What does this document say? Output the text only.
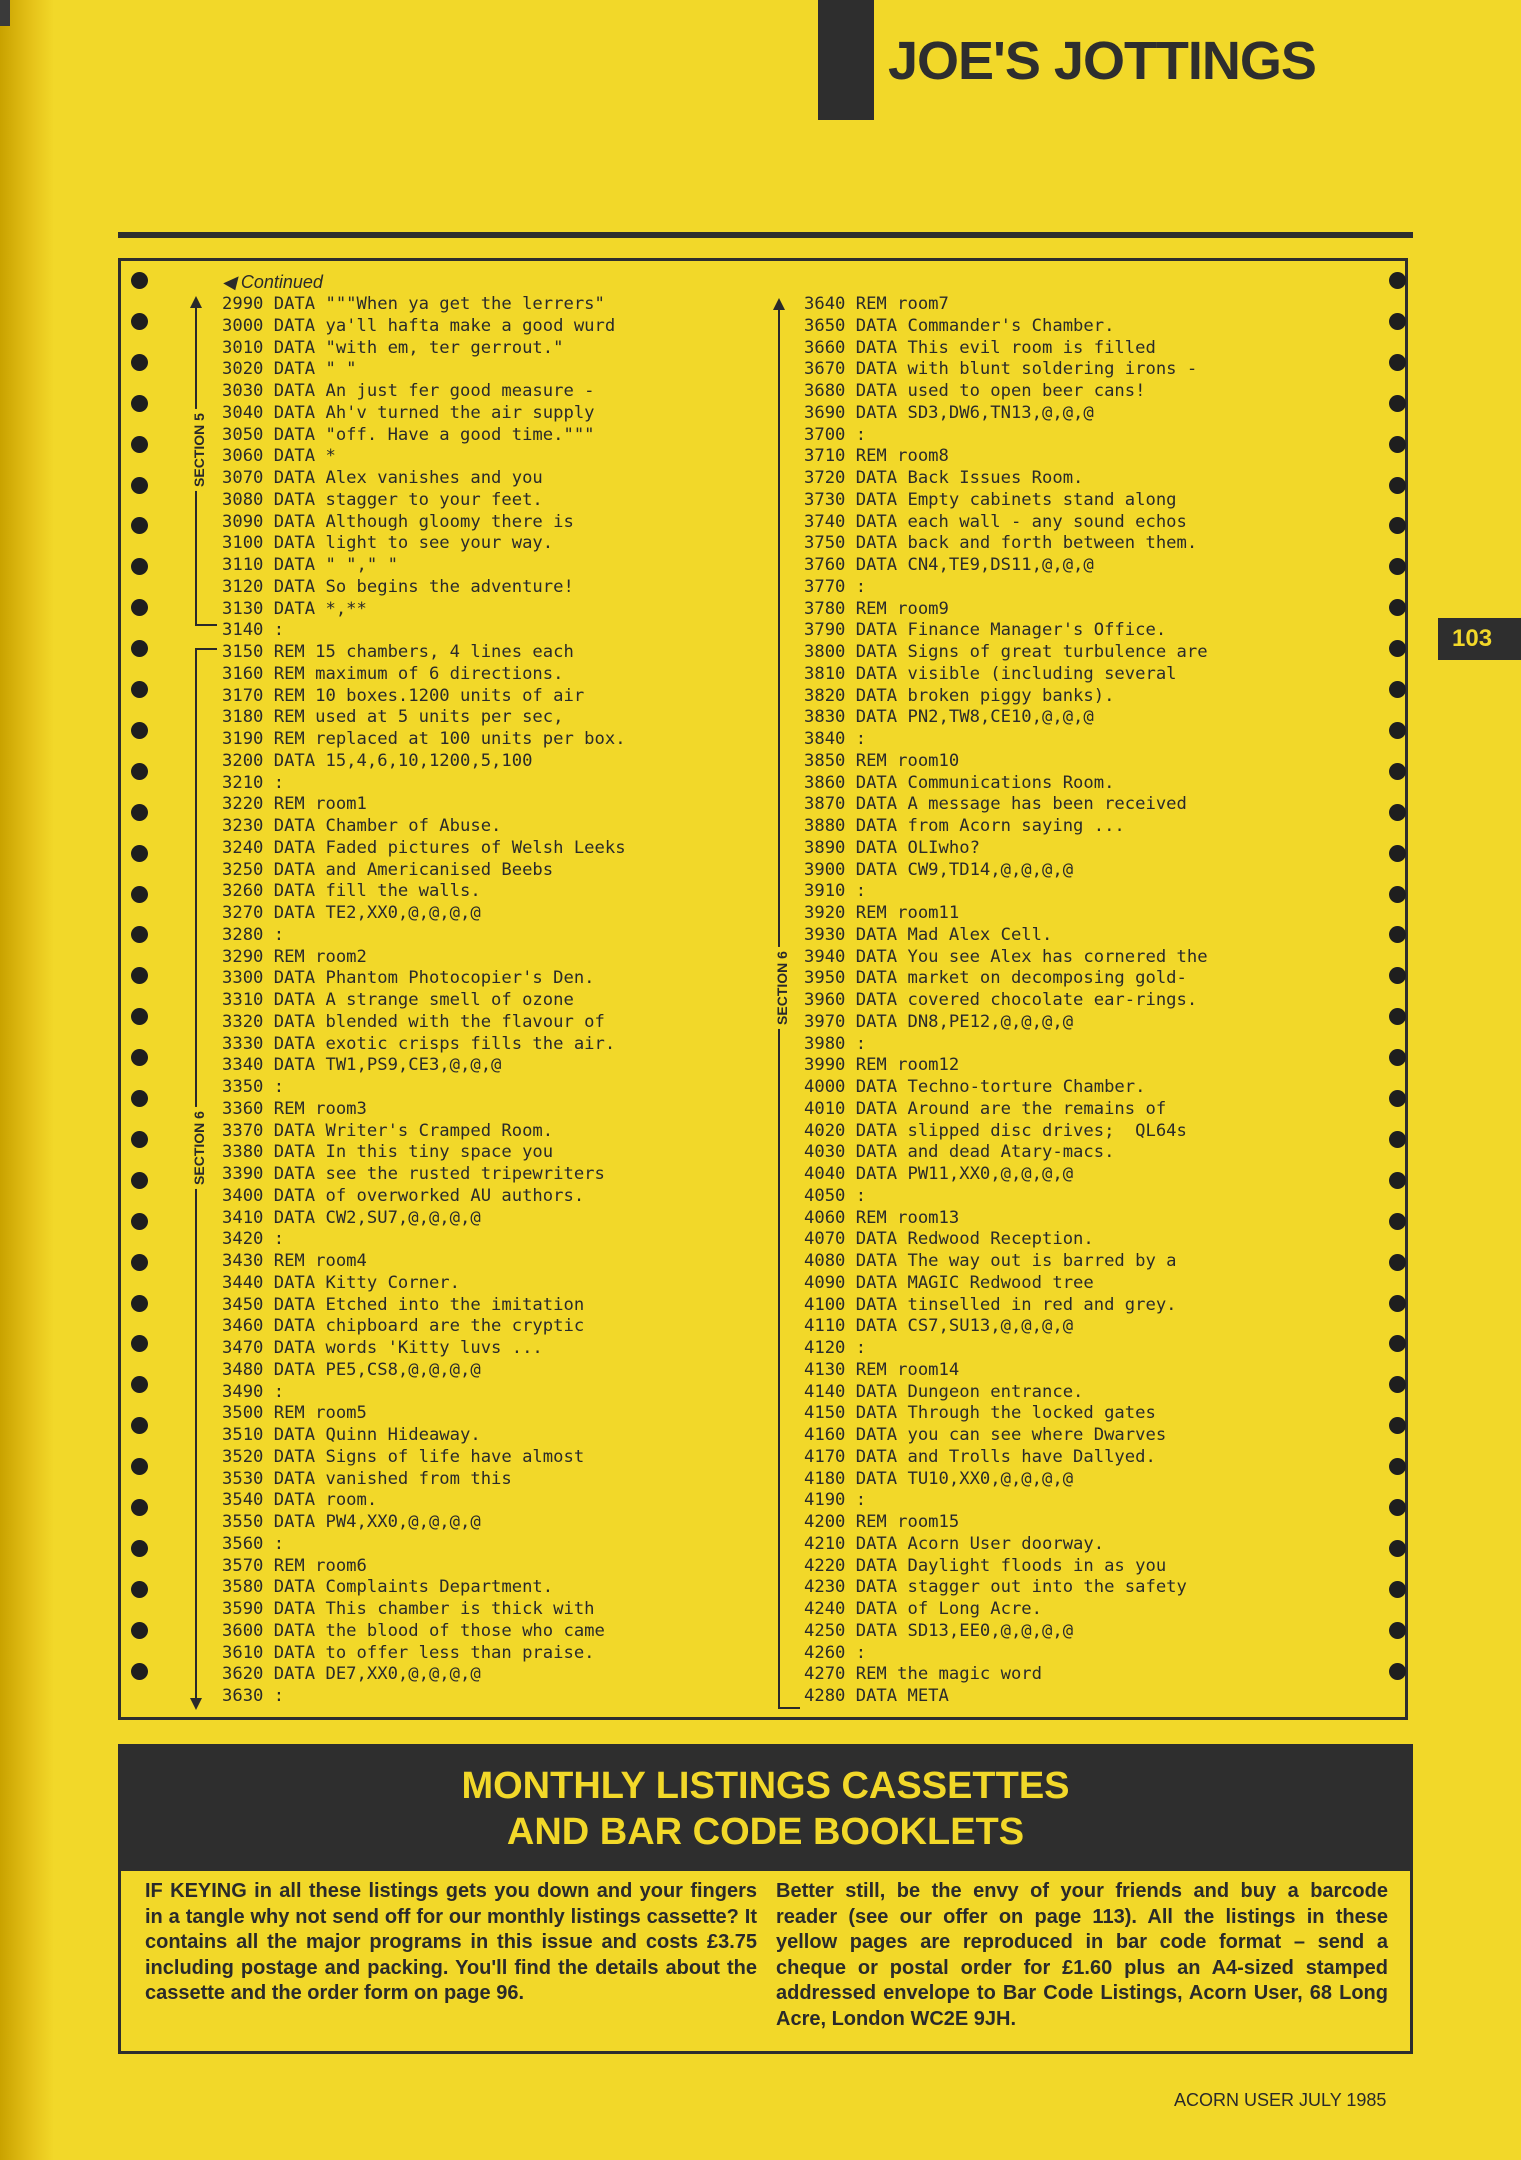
JOE'S JOTTINGS
◀ Continued
SECTION 5
SECTION 6
SECTION 6
2990 DATA """When ya get the lerrers"
3000 DATA ya'll hafta make a good wurd
3010 DATA "with em, ter gerrout."
3020 DATA " "
3030 DATA An just fer good measure -
3040 DATA Ah'v turned the air supply
3050 DATA "off. Have a good time."""
3060 DATA *
3070 DATA Alex vanishes and you
3080 DATA stagger to your feet.
3090 DATA Although gloomy there is
3100 DATA light to see your way.
3110 DATA " "," "
3120 DATA So begins the adventure!
3130 DATA *,**
3140 :
3150 REM 15 chambers, 4 lines each
3160 REM maximum of 6 directions.
3170 REM 10 boxes.1200 units of air
3180 REM used at 5 units per sec,
3190 REM replaced at 100 units per box.
3200 DATA 15,4,6,10,1200,5,100
3210 :
3220 REM room1
3230 DATA Chamber of Abuse.
3240 DATA Faded pictures of Welsh Leeks
3250 DATA and Americanised Beebs
3260 DATA fill the walls.
3270 DATA TE2,XX0,@,@,@,@
3280 :
3290 REM room2
3300 DATA Phantom Photocopier's Den.
3310 DATA A strange smell of ozone
3320 DATA blended with the flavour of
3330 DATA exotic crisps fills the air.
3340 DATA TW1,PS9,CE3,@,@,@
3350 :
3360 REM room3
3370 DATA Writer's Cramped Room.
3380 DATA In this tiny space you
3390 DATA see the rusted tripewriters
3400 DATA of overworked AU authors.
3410 DATA CW2,SU7,@,@,@,@
3420 :
3430 REM room4
3440 DATA Kitty Corner.
3450 DATA Etched into the imitation
3460 DATA chipboard are the cryptic
3470 DATA words 'Kitty luvs ...
3480 DATA PE5,CS8,@,@,@,@
3490 :
3500 REM room5
3510 DATA Quinn Hideaway.
3520 DATA Signs of life have almost
3530 DATA vanished from this
3540 DATA room.
3550 DATA PW4,XX0,@,@,@,@
3560 :
3570 REM room6
3580 DATA Complaints Department.
3590 DATA This chamber is thick with
3600 DATA the blood of those who came
3610 DATA to offer less than praise.
3620 DATA DE7,XX0,@,@,@,@
3630 :
3640 REM room7
3650 DATA Commander's Chamber.
3660 DATA This evil room is filled
3670 DATA with blunt soldering irons -
3680 DATA used to open beer cans!
3690 DATA SD3,DW6,TN13,@,@,@
3700 :
3710 REM room8
3720 DATA Back Issues Room.
3730 DATA Empty cabinets stand along
3740 DATA each wall - any sound echos
3750 DATA back and forth between them.
3760 DATA CN4,TE9,DS11,@,@,@
3770 :
3780 REM room9
3790 DATA Finance Manager's Office.
3800 DATA Signs of great turbulence are
3810 DATA visible (including several
3820 DATA broken piggy banks).
3830 DATA PN2,TW8,CE10,@,@,@
3840 :
3850 REM room10
3860 DATA Communications Room.
3870 DATA A message has been received
3880 DATA from Acorn saying ...
3890 DATA OLIwho?
3900 DATA CW9,TD14,@,@,@,@
3910 :
3920 REM room11
3930 DATA Mad Alex Cell.
3940 DATA You see Alex has cornered the
3950 DATA market on decomposing gold-
3960 DATA covered chocolate ear-rings.
3970 DATA DN8,PE12,@,@,@,@
3980 :
3990 REM room12
4000 DATA Techno-torture Chamber.
4010 DATA Around are the remains of
4020 DATA slipped disc drives;  QL64s
4030 DATA and dead Atary-macs.
4040 DATA PW11,XX0,@,@,@,@
4050 :
4060 REM room13
4070 DATA Redwood Reception.
4080 DATA The way out is barred by a
4090 DATA MAGIC Redwood tree
4100 DATA tinselled in red and grey.
4110 DATA CS7,SU13,@,@,@,@
4120 :
4130 REM room14
4140 DATA Dungeon entrance.
4150 DATA Through the locked gates
4160 DATA you can see where Dwarves
4170 DATA and Trolls have Dallyed.
4180 DATA TU10,XX0,@,@,@,@
4190 :
4200 REM room15
4210 DATA Acorn User doorway.
4220 DATA Daylight floods in as you
4230 DATA stagger out into the safety
4240 DATA of Long Acre.
4250 DATA SD13,EE0,@,@,@,@
4260 :
4270 REM the magic word
4280 DATA META
103
MONTHLY LISTINGS CASSETTES
AND BAR CODE BOOKLETS
IF KEYING in all these listings gets you down and your fingers in a tangle why not send off for our monthly listings cassette? It contains all the major programs in this issue and costs £3.75 including postage and packing. You'll find the details about the cassette and the order form on page 96.
Better still, be the envy of your friends and buy a barcode reader (see our offer on page 113). All the listings in these yellow pages are reproduced in bar code format – send a cheque or postal order for £1.60 plus an A4-sized stamped addressed envelope to Bar Code Listings, Acorn User, 68 Long Acre, London WC2E 9JH.
ACORN USER JULY 1985
